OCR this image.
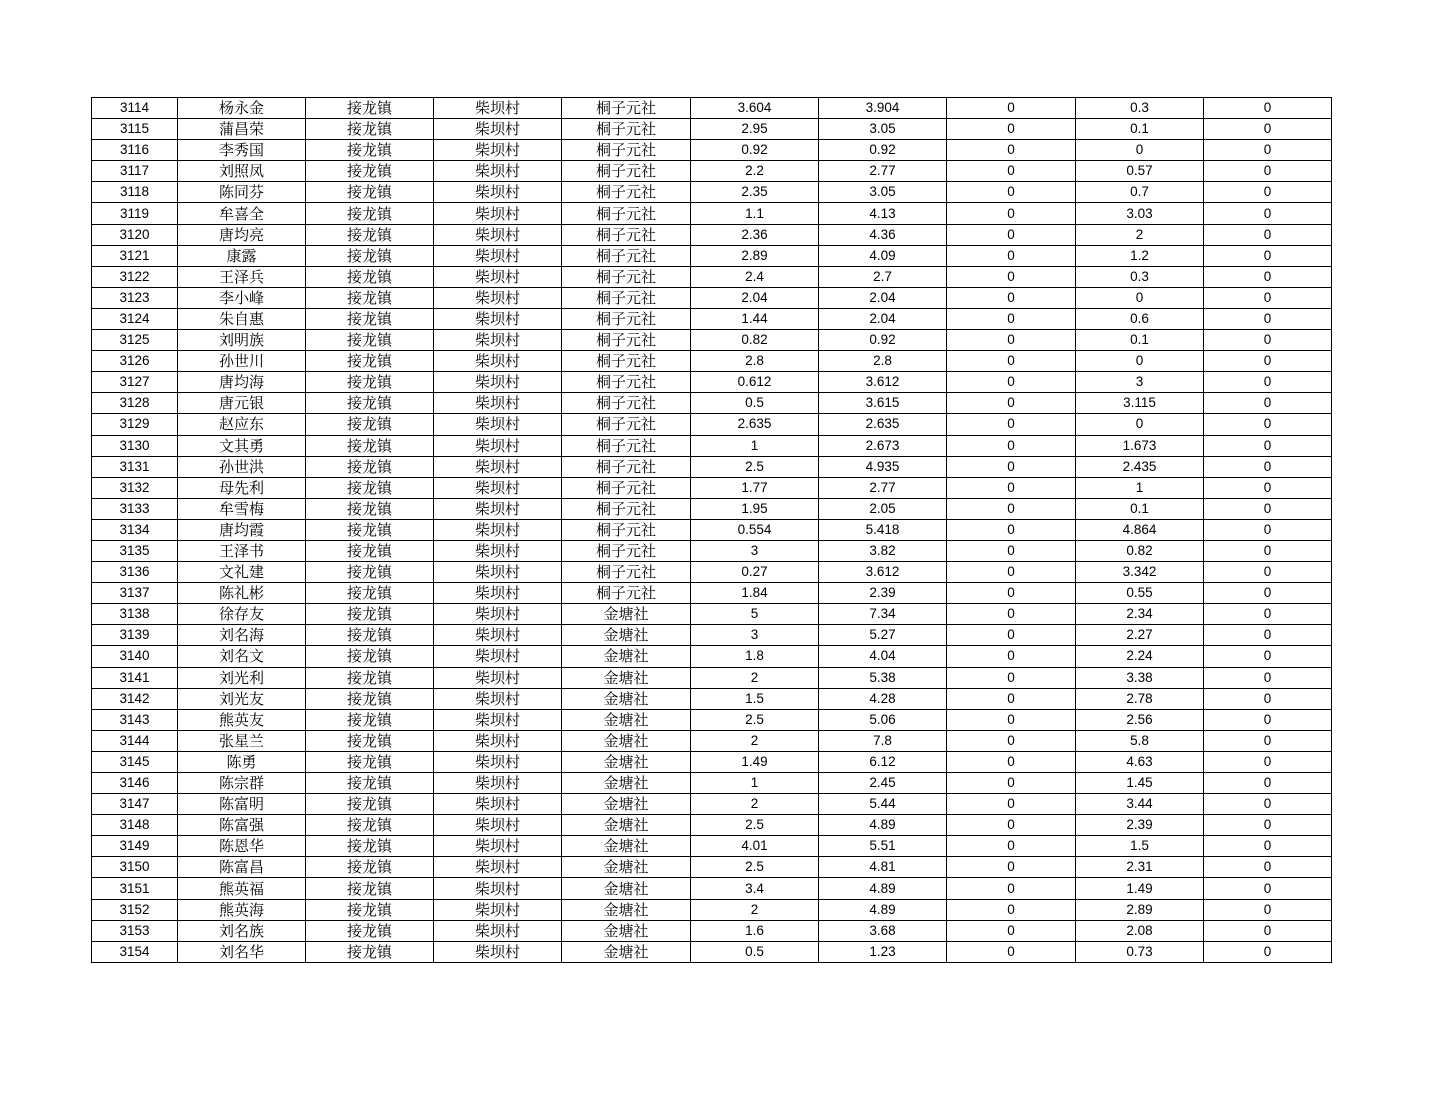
3114	杨永金	接龙镇	柴坝村	桐子元社	3.604	3.904	0	0.3	0
3115	蒲昌荣	接龙镇	柴坝村	桐子元社	2.95	3.05	0	0.1	0
3116	李秀国	接龙镇	柴坝村	桐子元社	0.92	0.92	0	0	0
3117	刘照凤	接龙镇	柴坝村	桐子元社	2.2	2.77	0	0.57	0
3118	陈同芬	接龙镇	柴坝村	桐子元社	2.35	3.05	0	0.7	0
3119	牟喜全	接龙镇	柴坝村	桐子元社	1.1	4.13	0	3.03	0
3120	唐均亮	接龙镇	柴坝村	桐子元社	2.36	4.36	0	2	0
3121	康露	接龙镇	柴坝村	桐子元社	2.89	4.09	0	1.2	0
3122	王泽兵	接龙镇	柴坝村	桐子元社	2.4	2.7	0	0.3	0
3123	李小峰	接龙镇	柴坝村	桐子元社	2.04	2.04	0	0	0
3124	朱自惠	接龙镇	柴坝村	桐子元社	1.44	2.04	0	0.6	0
3125	刘明族	接龙镇	柴坝村	桐子元社	0.82	0.92	0	0.1	0
3126	孙世川	接龙镇	柴坝村	桐子元社	2.8	2.8	0	0	0
3127	唐均海	接龙镇	柴坝村	桐子元社	0.612	3.612	0	3	0
3128	唐元银	接龙镇	柴坝村	桐子元社	0.5	3.615	0	3.115	0
3129	赵应东	接龙镇	柴坝村	桐子元社	2.635	2.635	0	0	0
3130	文其勇	接龙镇	柴坝村	桐子元社	1	2.673	0	1.673	0
3131	孙世洪	接龙镇	柴坝村	桐子元社	2.5	4.935	0	2.435	0
3132	母先利	接龙镇	柴坝村	桐子元社	1.77	2.77	0	1	0
3133	牟雪梅	接龙镇	柴坝村	桐子元社	1.95	2.05	0	0.1	0
3134	唐均霞	接龙镇	柴坝村	桐子元社	0.554	5.418	0	4.864	0
3135	王泽书	接龙镇	柴坝村	桐子元社	3	3.82	0	0.82	0
3136	文礼建	接龙镇	柴坝村	桐子元社	0.27	3.612	0	3.342	0
3137	陈礼彬	接龙镇	柴坝村	桐子元社	1.84	2.39	0	0.55	0
3138	徐存友	接龙镇	柴坝村	金塘社	5	7.34	0	2.34	0
3139	刘名海	接龙镇	柴坝村	金塘社	3	5.27	0	2.27	0
3140	刘名文	接龙镇	柴坝村	金塘社	1.8	4.04	0	2.24	0
3141	刘光利	接龙镇	柴坝村	金塘社	2	5.38	0	3.38	0
3142	刘光友	接龙镇	柴坝村	金塘社	1.5	4.28	0	2.78	0
3143	熊英友	接龙镇	柴坝村	金塘社	2.5	5.06	0	2.56	0
3144	张星兰	接龙镇	柴坝村	金塘社	2	7.8	0	5.8	0
3145	陈勇	接龙镇	柴坝村	金塘社	1.49	6.12	0	4.63	0
3146	陈宗群	接龙镇	柴坝村	金塘社	1	2.45	0	1.45	0
3147	陈富明	接龙镇	柴坝村	金塘社	2	5.44	0	3.44	0
3148	陈富强	接龙镇	柴坝村	金塘社	2.5	4.89	0	2.39	0
3149	陈恩华	接龙镇	柴坝村	金塘社	4.01	5.51	0	1.5	0
3150	陈富昌	接龙镇	柴坝村	金塘社	2.5	4.81	0	2.31	0
3151	熊英福	接龙镇	柴坝村	金塘社	3.4	4.89	0	1.49	0
3152	熊英海	接龙镇	柴坝村	金塘社	2	4.89	0	2.89	0
3153	刘名族	接龙镇	柴坝村	金塘社	1.6	3.68	0	2.08	0
3154	刘名华	接龙镇	柴坝村	金塘社	0.5	1.23	0	0.73	0
